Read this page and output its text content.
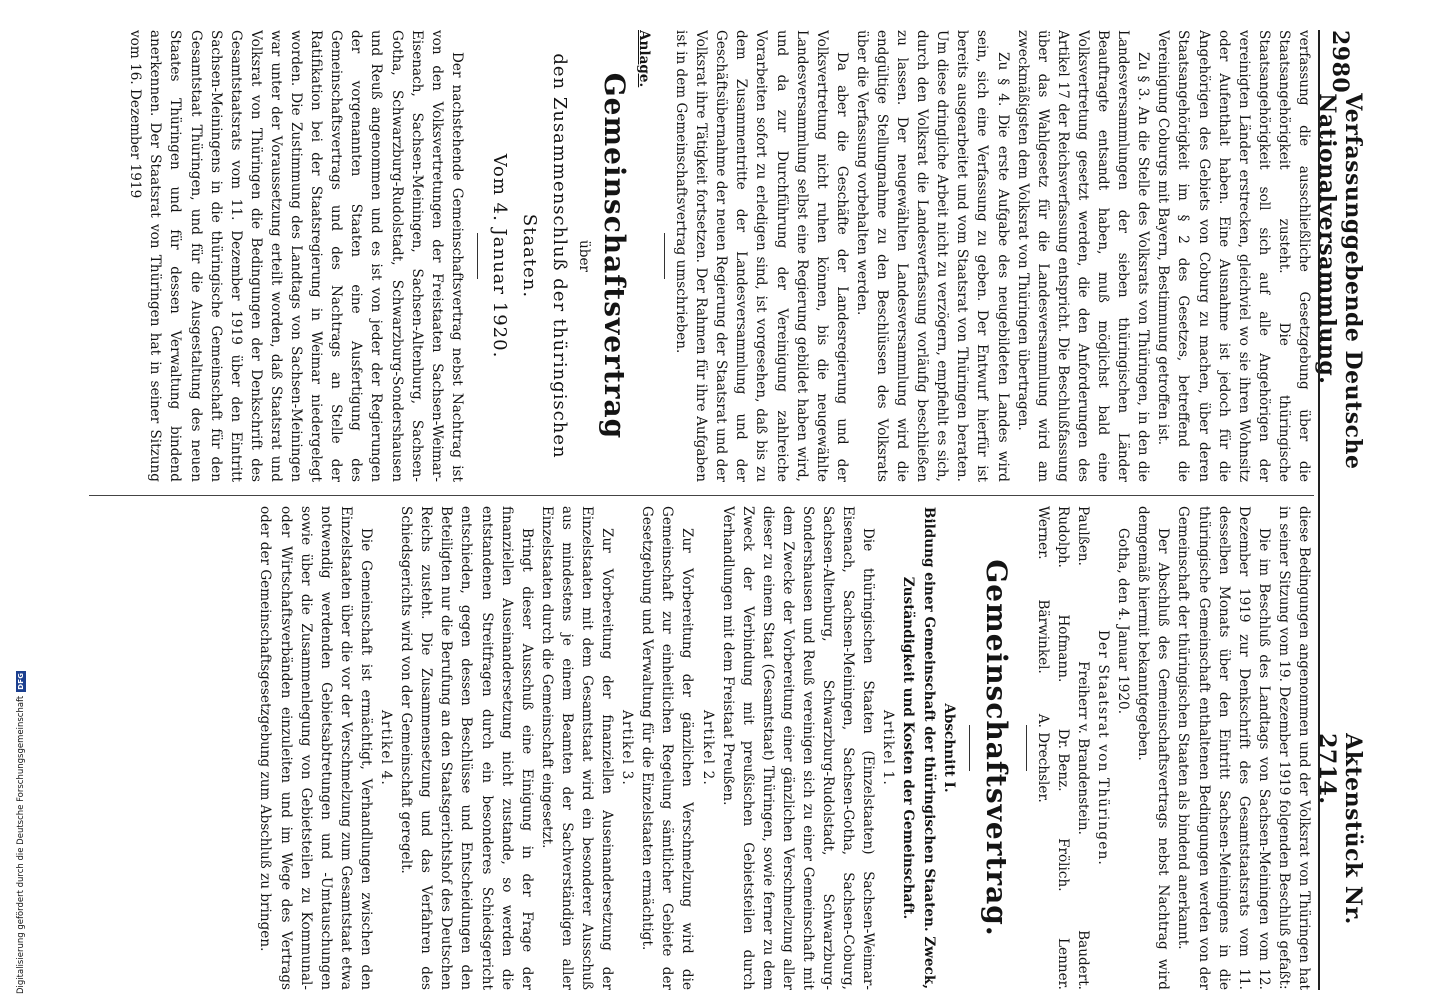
2980
Verfassunggebende Deutsche Nationalversammlung.
Aktenstück Nr. 2714.

verfassung die ausschließliche Gesetzgebung über die Staatsangehörigkeit zusteht. Die thüringische Staatsangehörigkeit soll sich auf alle Angehörigen der vereinigten Länder erstrecken, gleichviel wo sie ihren Wohnsitz oder Aufenthalt haben. Eine Ausnahme ist jedoch für die Angehörigen des Gebiets von Coburg zu machen, über deren Staatsangehörigkeit im § 2 des Gesetzes, betreffend die Vereinigung Coburgs mit Bayern, Bestimmung getroffen ist.

Zu § 3. An die Stelle des Volksrats von Thüringen, in den die Landesversammlungen der sieben thüringischen Länder Beauftragte entsandt haben, muß möglichst bald eine Volksvertretung gesetzt werden, die den Anforderungen des Artikel 17 der Reichsverfassung entspricht. Die Beschlußfassung über das Wahlgesetz für die Landesversammlung wird am zweckmäßigsten dem Volksrat von Thüringen übertragen.

Zu § 4. Die erste Aufgabe des neugebildeten Landes wird sein, sich eine Verfassung zu geben. Der Entwurf hierfür ist bereits ausgearbeitet und vom Staatsrat von Thüringen beraten. Um diese dringliche Arbeit nicht zu verzögern, empfiehlt es sich, durch den Volksrat die Landesverfassung vorläufig beschließen zu lassen. Der neugewählten Landesversammlung wird die endgültige Stellungnahme zu den Beschlüssen des Volksrats über die Verfassung vorbehalten werden.

Da aber die Geschäfte der Landesregierung und der Volksvertretung nicht ruhen können, bis die neugewählte Landesversammlung selbst eine Regierung gebildet haben wird, und da zur Durchführung der Vereinigung zahlreiche Vorarbeiten sofort zu erledigen sind, ist vorgesehen, daß bis zu dem Zusammentritte der Landesversammlung und der Geschäftsübernahme der neuen Regierung der Staatsrat und der Volksrat ihre Tätigkeit fortsetzen. Der Rahmen für ihre Aufgaben ist in dem Gemeinschaftsvertrag umschrieben.

Anlage.

Gemeinschaftsvertrag

über

den Zusammenschluß der thüringischen

Staaten.

Vom 4. Januar 1920.

Der nachstehende Gemeinschaftsvertrag nebst Nachtrag ist von den Volksvertretungen der Freistaaten Sachsen-Weimar-Eisenach, Sachsen-Meiningen, Sachsen-Altenburg, Sachsen-Gotha, Schwarzburg-Rudolstadt, Schwarzburg-Sondershausen und Reuß angenommen und es ist von jeder der Regierungen der vorgenannten Staaten eine Ausfertigung des Gemeinschaftsvertrags und des Nachtrags an Stelle der Ratifikation bei der Staatsregierung in Weimar niedergelegt worden. Die Zustimmung des Landtags von Sachsen-Meiningen war unter der Voraussetzung erteilt worden, daß Staatsrat und Volksrat von Thüringen die Bedingungen der Denkschrift des Gesamtstaatsrats vom 11. Dezember 1919 über den Eintritt Sachsen-Meiningens in die thüringische Gemeinschaft für den Gesamtstaat Thüringen, und für die Ausgestaltung des neuen Staates Thüringen und für dessen Verwaltung bindend anerkennen. Der Staatsrat von Thüringen hat in seiner Sitzung vom 16. Dezember 1919

diese Bedingungen angenommen und der Volksrat von Thüringen hat in seiner Sitzung vom 19. Dezember 1919 folgenden Beschluß gefaßt:

Die im Beschluß des Landtags von Sachsen-Meiningen vom 12. Dezember 1919 zur Denkschrift des Gesamtstaatsrats vom 11. desselben Monats über den Eintritt Sachsen-Meiningens in die thüringische Gemeinschaft enthaltenen Bedingungen werden von der Gemeinschaft der thüringischen Staaten als bindend anerkannt.

Der Abschluß des Gemeinschaftsvertrags nebst Nachtrag wird demgemäß hiermit bekanntgegeben.

Gotha, den 4. Januar 1920.

Der Staatsrat von Thüringen.

Paulßen.
Freiherr v. Brandenstein.
Baudert.
Rudolph.
Hofmann.
Dr. Benz.
Frölich.
Lenner.
Werner.
Bärwinkel.
A. Drechsler.

Gemeinschaftsvertrag.

Abschnitt I.

Bildung einer Gemeinschaft der thüringischen Staaten. Zweck, Zuständigkeit und Kosten der Gemeinschaft.

Artikel 1.

Die thüringischen Staaten (Einzelstaaten) Sachsen-Weimar-Eisenach, Sachsen-Meiningen, Sachsen-Gotha, Sachsen-Coburg, Sachsen-Altenburg, Schwarzburg-Rudolstadt, Schwarzburg-Sondershausen und Reuß vereinigen sich zu einer Gemeinschaft mit dem Zwecke der Vorbereitung einer gänzlichen Verschmelzung aller dieser zu einem Staat (Gesamtstaat) Thüringen, sowie ferner zu dem Zweck der Verbindung mit preußischen Gebietsteilen durch Verhandlungen mit dem Freistaat Preußen.

Artikel 2.

Zur Vorbereitung der gänzlichen Verschmelzung wird die Gemeinschaft zur einheitlichen Regelung sämtlicher Gebiete der Gesetzgebung und Verwaltung für die Einzelstaaten ermächtigt.

Artikel 3.

Zur Vorbereitung der finanziellen Auseinandersetzung der Einzelstaaten mit dem Gesamtstaat wird ein besonderer Ausschuß aus mindestens je einem Beamten der Sachverständigen aller Einzelstaaten durch die Gemeinschaft eingesetzt.

Bringt dieser Ausschuß eine Einigung in der Frage der finanziellen Auseinandersetzung nicht zustande, so werden die entstandenen Streitfragen durch ein besonderes Schiedsgericht entschieden, gegen dessen Beschlüsse und Entscheidungen den Beteiligten nur die Berufung an den Staatsgerichtshof des Deutschen Reichs zusteht. Die Zusammensetzung und das Verfahren des Schiedsgerichts wird von der Gemeinschaft geregelt.

Artikel 4.

Die Gemeinschaft ist ermächtigt, Verhandlungen zwischen den Einzelstaaten über die vor der Verschmelzung zum Gesamtstaat etwa notwendig werdenden Gebietsabtretungen und -Umtauschungen sowie über die Zusammenlegung von Gebietsteilen zu Kommunal- oder Wirtschaftsverbänden einzuleiten und im Wege des Vertrags oder der Gemeinschaftsgesetzgebung zum Abschluß zu bringen.

Digitalisierung gefördert durch die Deutsche Forschungsgemeinschaft
DFG
